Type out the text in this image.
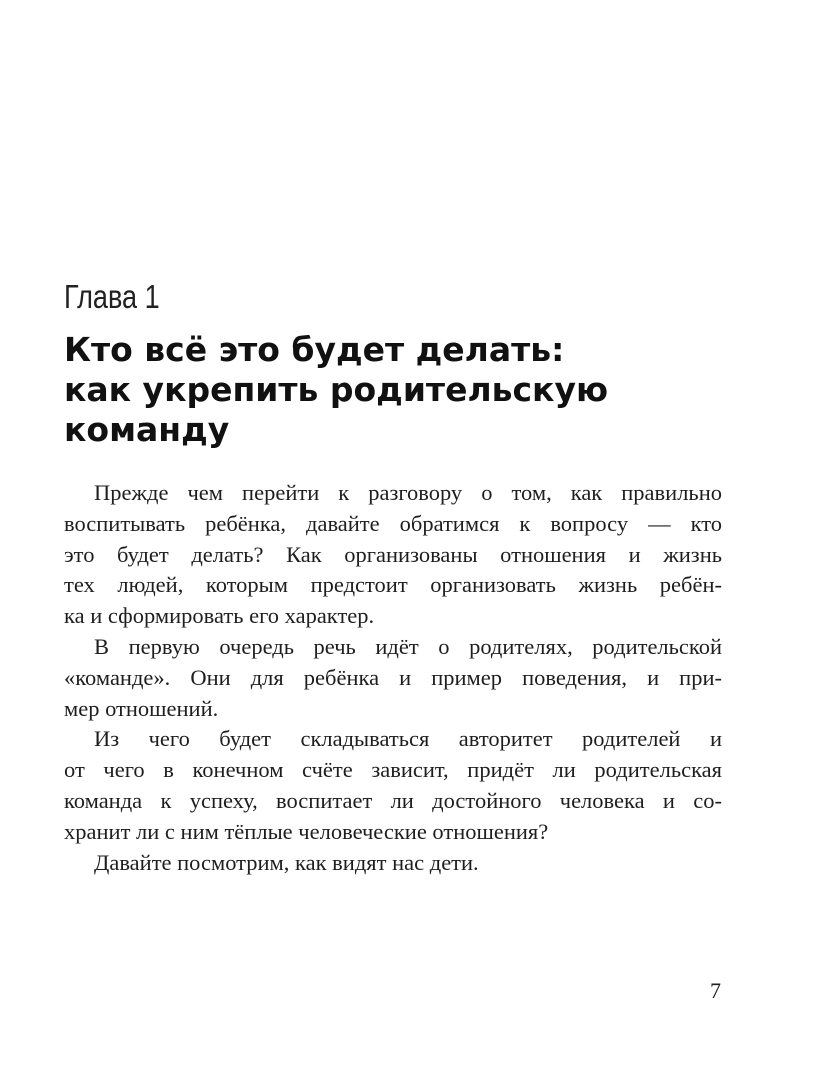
Глава 1
Кто всё это будет делать:
как укрепить родительскую
команду
Прежде чем перейти к разговору о том, как правильно
воспитывать ребёнка, давайте обратимся к вопросу — кто
это будет делать? Как организованы отношения и жизнь
тех людей, которым предстоит организовать жизнь ребён-
ка и сформировать его характер.
В первую очередь речь идёт о родителях, родительской
«команде». Они для ребёнка и пример поведения, и при-
мер отношений.
Из чего будет складываться авторитет родителей и
от чего в конечном счёте зависит, придёт ли родительская
команда к успеху, воспитает ли достойного человека и со-
хранит ли с ним тёплые человеческие отношения?
Давайте посмотрим, как видят нас дети.
7
